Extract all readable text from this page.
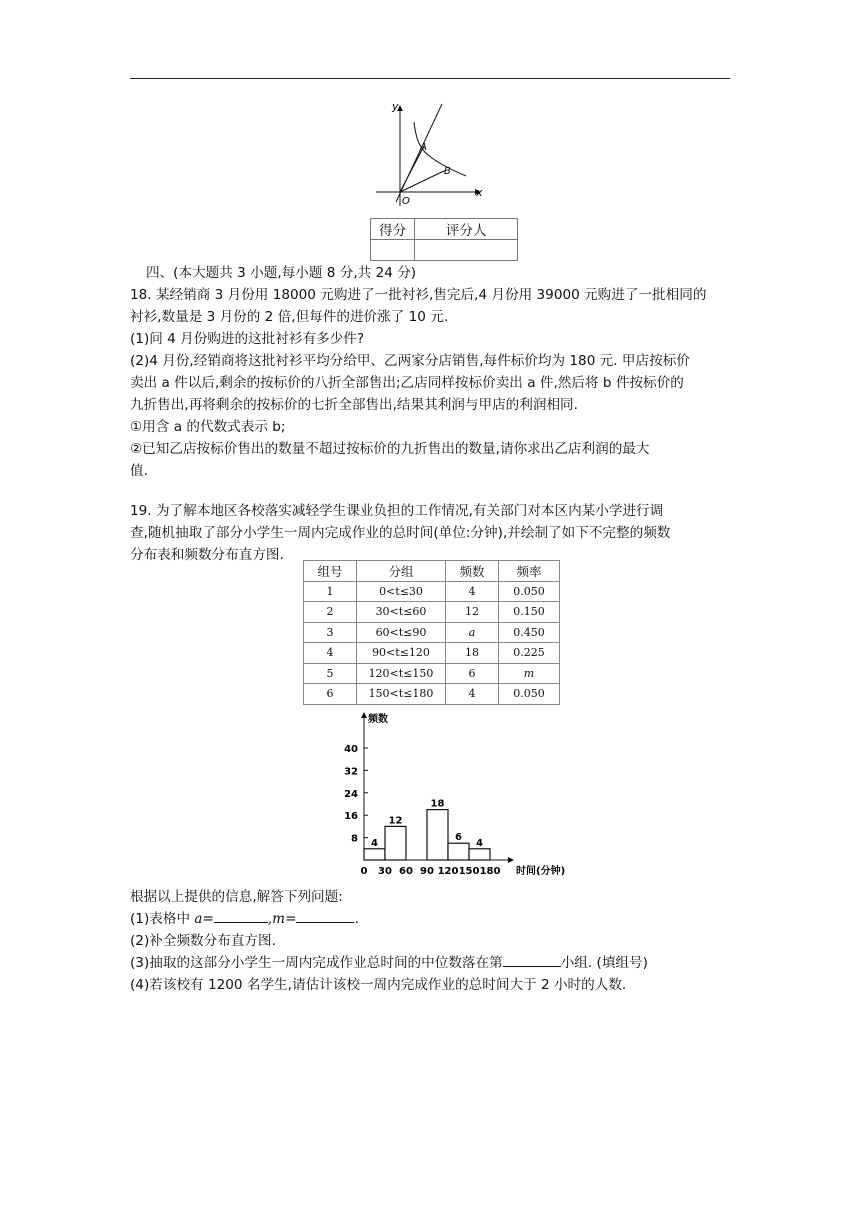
y
x
O
A
B
得分	评分人

四、(本大题共 3 小题,每小题 8 分,共 24 分)
18. 某经销商 3 月份用 18000 元购进了一批衬衫,售完后,4 月份用 39000 元购进了一批相同的
衬衫,数量是 3 月份的 2 倍,但每件的进价涨了 10 元.
(1)问 4 月份购进的这批衬衫有多少件?
(2)4 月份,经销商将这批衬衫平均分给甲、乙两家分店销售,每件标价均为 180 元. 甲店按标价
卖出 a 件以后,剩余的按标价的八折全部售出;乙店同样按标价卖出 a 件,然后将 b 件按标价的
九折售出,再将剩余的按标价的七折全部售出,结果其利润与甲店的利润相同.
①用含 a 的代数式表示 b;
②已知乙店按标价售出的数量不超过按标价的九折售出的数量,请你求出乙店利润的最大
值.
19. 为了解本地区各校落实减轻学生课业负担的工作情况,有关部门对本区内某小学进行调
查,随机抽取了部分小学生一周内完成作业的总时间(单位:分钟),并绘制了如下不完整的频数
分布表和频数分布直方图.
组号	分组	频数	频率
1	0<t≤30	4	0.050
2	30<t≤60	12	0.150
3	60<t≤90	a	0.450
4	90<t≤120	18	0.225
5	120<t≤150	6	m
6	150<t≤180	4	0.050
8
16
24
32
40
0 30 60 90 120 150 180
4
12
18
6
4
频数
时间(分钟)
根据以上提供的信息,解答下列问题:
(1)表格中 a=	,m=	.
(2)补全频数分布直方图.
(3)抽取的这部分小学生一周内完成作业总时间的中位数落在第	小组. (填组号)
(4)若该校有 1200 名学生,请估计该校一周内完成作业的总时间大于 2 小时的人数.
